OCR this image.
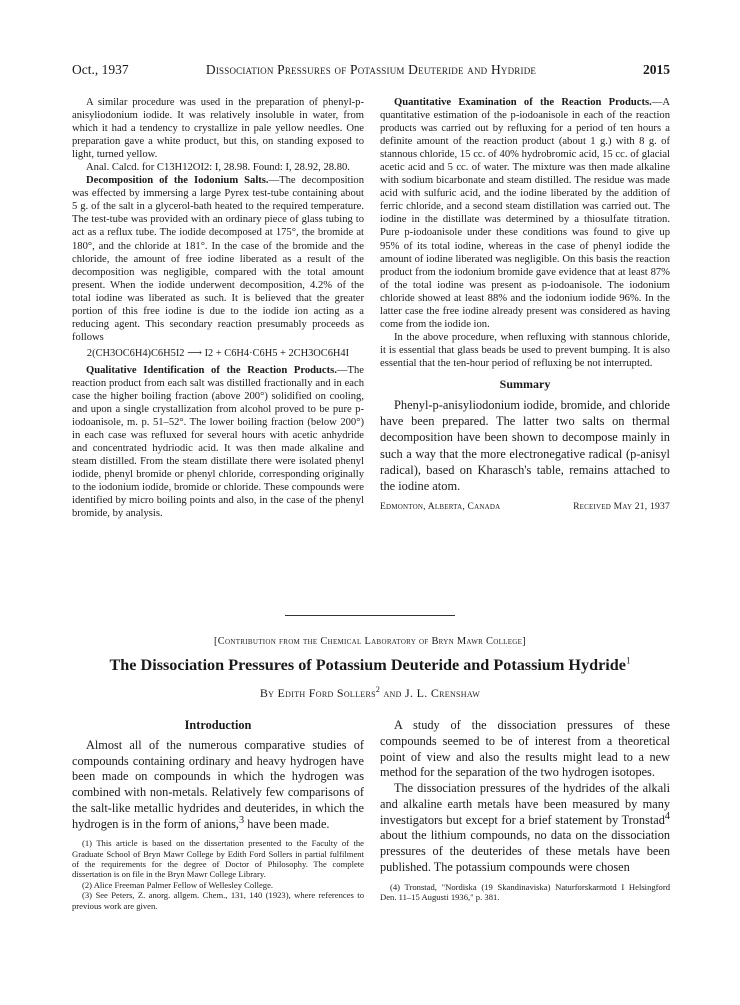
Oct., 1937	Dissociation Pressures of Potassium Deuteride and Hydride	2015

A similar procedure was used in the preparation of phenyl-p-anisyliodonium iodide. It was relatively insoluble in water, from which it had a tendency to crystallize in pale yellow needles. One preparation gave a white product, but this, on standing exposed to light, turned yellow.

Anal. Calcd. for C13H12OI2: I, 28.98. Found: I, 28.92, 28.80.

Decomposition of the Iodonium Salts.—The decomposition was effected by immersing a large Pyrex test-tube containing about 5 g. of the salt in a glycerol-bath heated to the required temperature. The test-tube was provided with an ordinary piece of glass tubing to act as a reflux tube. The iodide decomposed at 175°, the bromide at 180°, and the chloride at 181°. In the case of the bromide and the chloride, the amount of free iodine liberated as a result of the decomposition was negligible, compared with the total amount present. When the iodide underwent decomposition, 4.2% of the total iodine was liberated as such. It is believed that the greater portion of this free iodine is due to the iodide ion acting as a reducing agent. This secondary reaction presumably proceeds as follows

2(CH3OC6H4)C6H5I2 ⟶ I2 + C6H4·C6H5 + 2CH3OC6H4I

Qualitative Identification of the Reaction Products.—The reaction product from each salt was distilled fractionally and in each case the higher boiling fraction (above 200°) solidified on cooling, and upon a single crystallization from alcohol proved to be pure p-iodoanisole, m. p. 51–52°. The lower boiling fraction (below 200°) in each case was refluxed for several hours with acetic anhydride and concentrated hydriodic acid. It was then made alkaline and steam distilled. From the steam distillate there were isolated phenyl iodide, phenyl bromide or phenyl chloride, corresponding originally to the iodonium iodide, bromide or chloride. These compounds were identified by micro boiling points and also, in the case of the phenyl bromide, by analysis.

Quantitative Examination of the Reaction Products.—A quantitative estimation of the p-iodoanisole in each of the reaction products was carried out by refluxing for a period of ten hours a definite amount of the reaction product (about 1 g.) with 8 g. of stannous chloride, 15 cc. of 40% hydrobromic acid, 15 cc. of glacial acetic acid and 5 cc. of water. The mixture was then made alkaline with sodium bicarbonate and steam distilled. The residue was made acid with sulfuric acid, and the iodine liberated by the addition of ferric chloride, and a second steam distillation was carried out. The iodine in the distillate was determined by a thiosulfate titration. Pure p-iodoanisole under these conditions was found to give up 95% of its total iodine, whereas in the case of phenyl iodide the amount of iodine liberated was negligible. On this basis the reaction product from the iodonium bromide gave evidence that at least 87% of the total iodine was present as p-iodoanisole. The iodonium chloride showed at least 88% and the iodonium iodide 96%. In the latter case the free iodine already present was considered as having come from the iodide ion.

In the above procedure, when refluxing with stannous chloride, it is essential that glass beads be used to prevent bumping. It is also essential that the ten-hour period of refluxing be not interrupted.

Summary

Phenyl-p-anisyliodonium iodide, bromide, and chloride have been prepared. The latter two salts on thermal decomposition have been shown to decompose mainly in such a way that the more electronegative radical (p-anisyl radical), based on Kharasch's table, remains attached to the iodine atom.

Edmonton, Alberta, Canada	Received May 21, 1937
[Contribution from the Chemical Laboratory of Bryn Mawr College]
The Dissociation Pressures of Potassium Deuteride and Potassium Hydride$^1$
By Edith Ford Sollers$^2$ and J. L. Crenshaw
Introduction

Almost all of the numerous comparative studies of compounds containing ordinary and heavy hydrogen have been made on compounds in which the hydrogen was combined with non-metals. Relatively few comparisons of the salt-like metallic hydrides and deuterides, in which the hydrogen is in the form of anions,$^3$ have been made.

(1) This article is based on the dissertation presented to the Faculty of the Graduate School of Bryn Mawr College by Edith Ford Sollers in partial fulfilment of the requirements for the degree of Doctor of Philosophy. The complete dissertation is on file in the Bryn Mawr College Library.

(2) Alice Freeman Palmer Fellow of Wellesley College.

(3) See Peters, Z. anorg. allgem. Chem., 131, 140 (1923), where references to previous work are given.

A study of the dissociation pressures of these compounds seemed to be of interest from a theoretical point of view and also the results might lead to a new method for the separation of the two hydrogen isotopes.

The dissociation pressures of the hydrides of the alkali and alkaline earth metals have been measured by many investigators but except for a brief statement by Tronstad$^4$ about the lithium compounds, no data on the dissociation pressures of the deuterides of these metals have been published. The potassium compounds were chosen

(4) Tronstad, "Nordiska (19 Skandinaviska) Naturforskarmotd I Helsingford Den. 11–15 Augusti 1936," p. 381.
